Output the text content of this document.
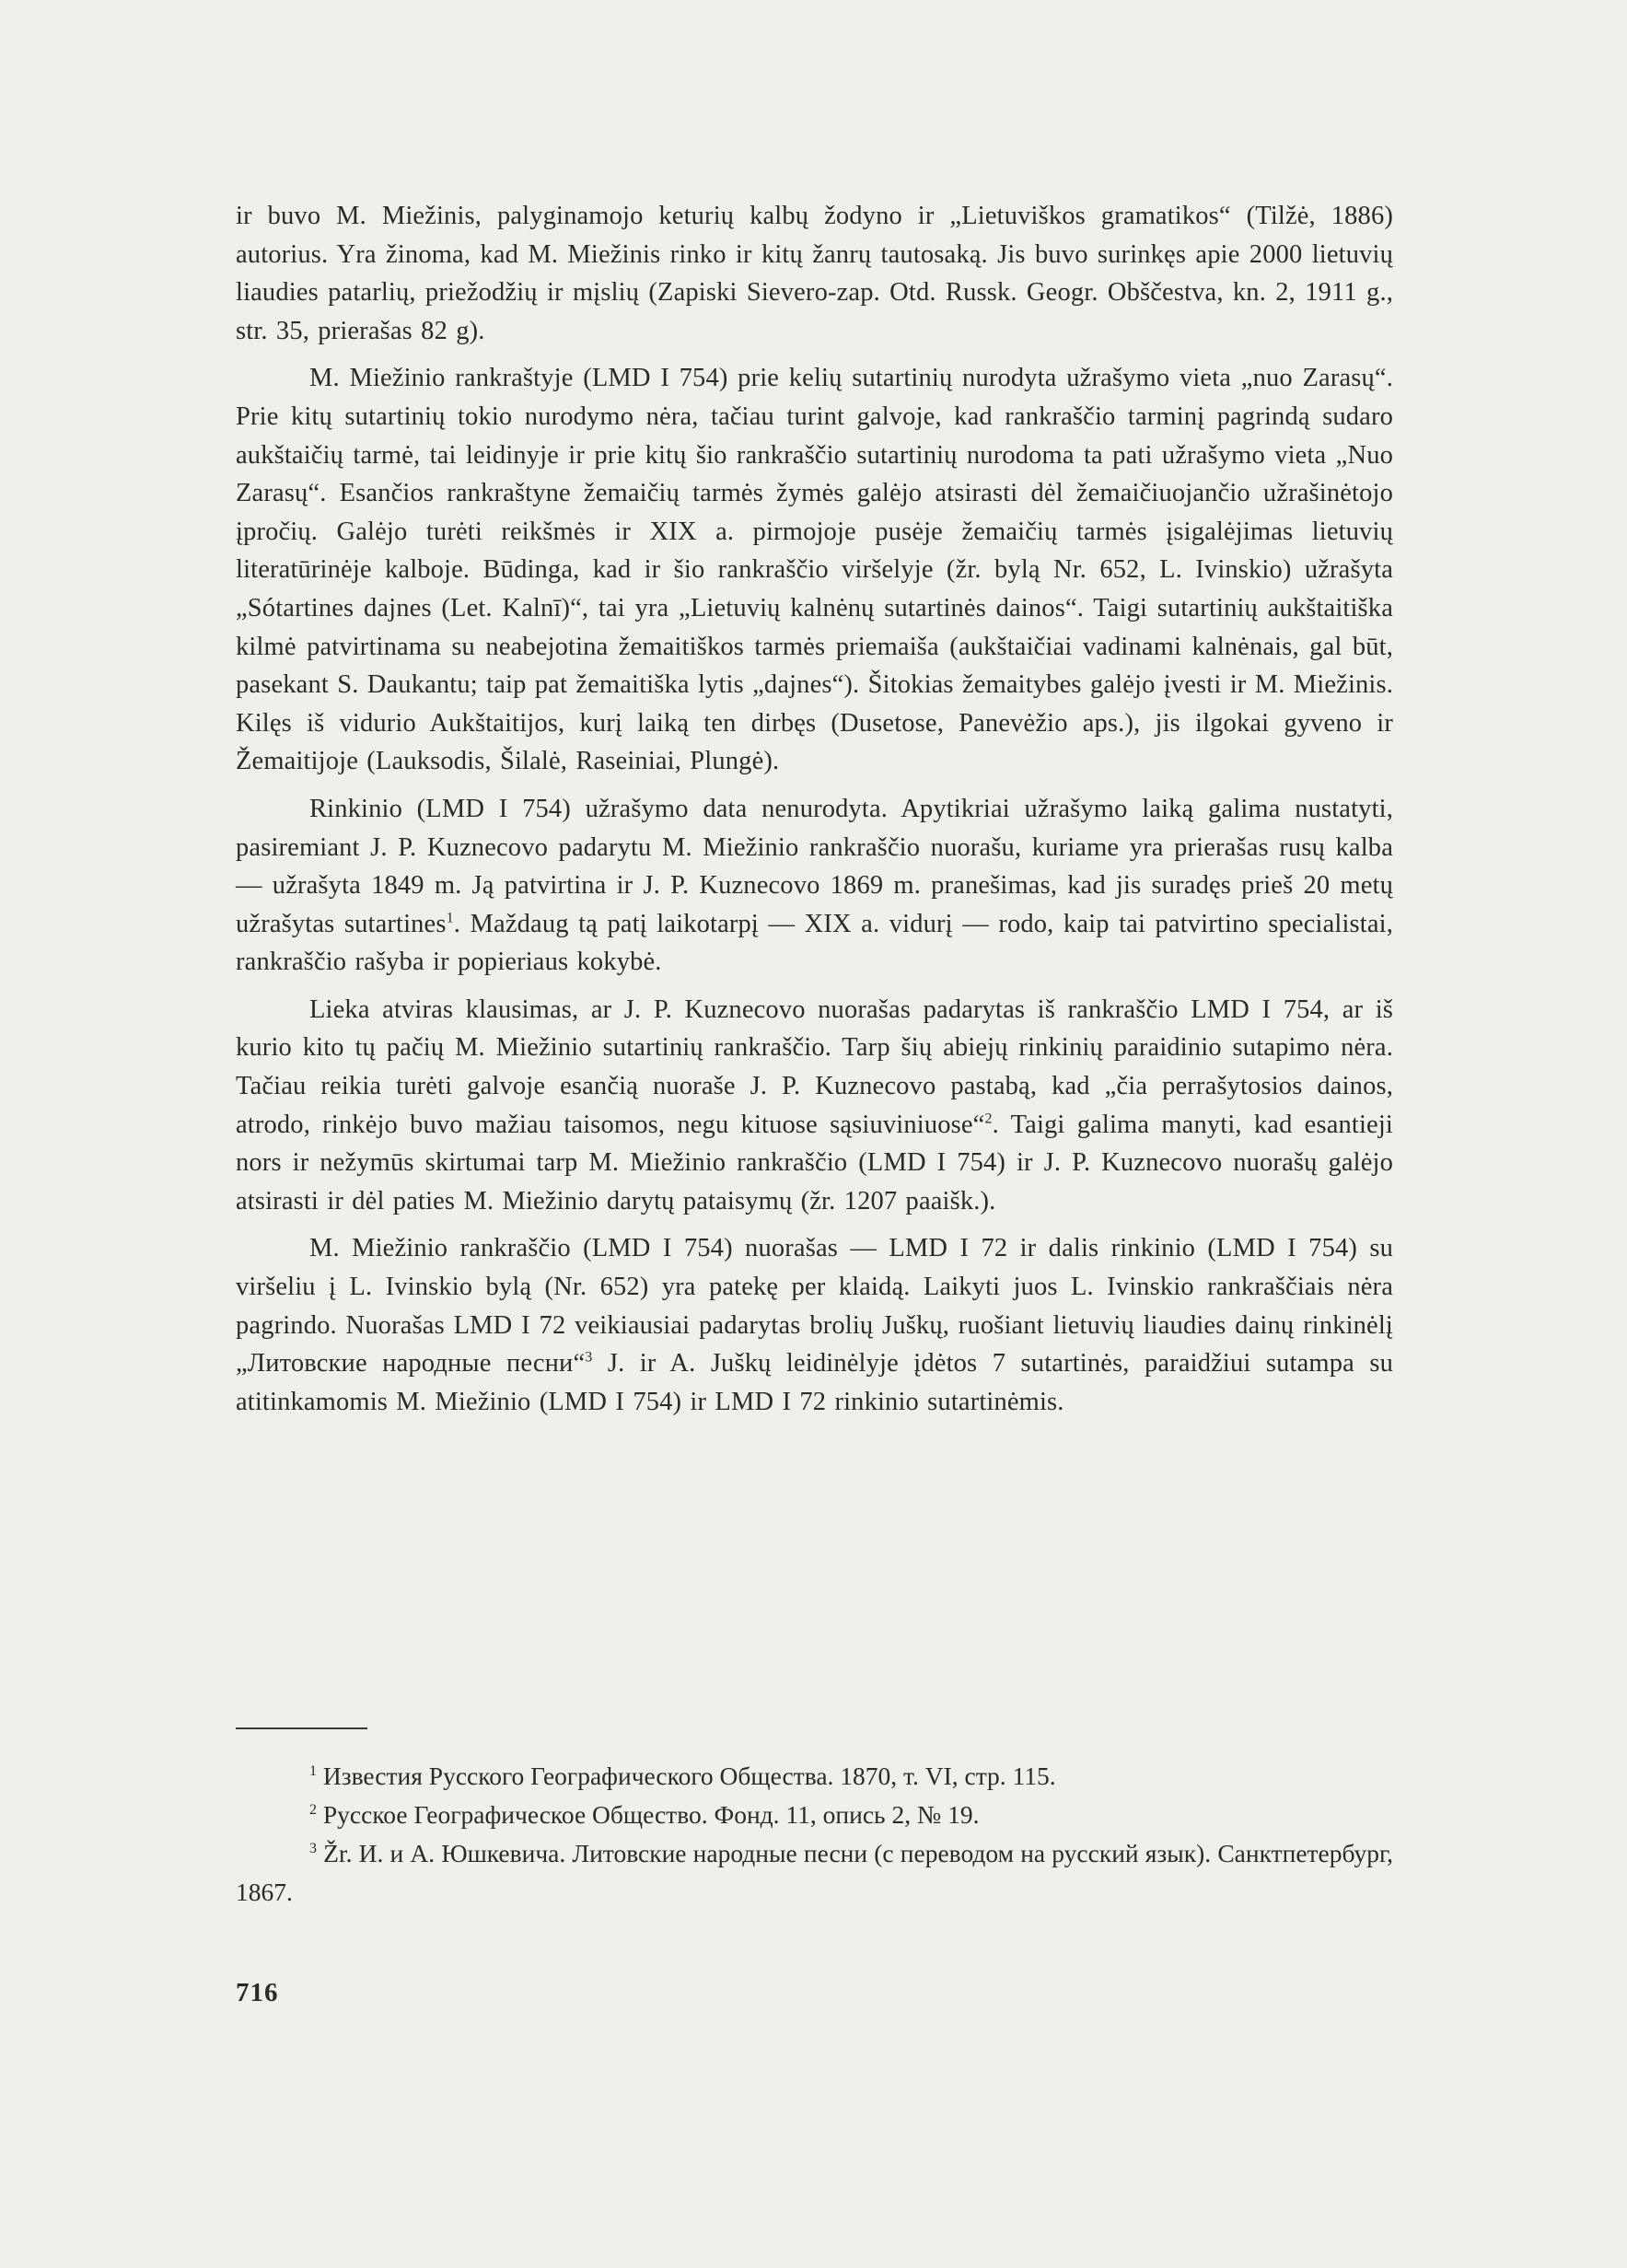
ir buvo M. Miežinis, palyginamojo keturių kalbų žodyno ir „Lietuviškos gramatikos“ (Tilžė, 1886) autorius. Yra žinoma, kad M. Miežinis rinko ir kitų žanrų tautosaką. Jis buvo surinkęs apie 2000 lietuvių liaudies patarlių, priežodžių ir mįslių (Zapiski Sievero-zap. Otd. Russk. Geogr. Obščestva, kn. 2, 1911 g., str. 35, prierašas 82 g).

M. Miežinio rankraštyje (LMD I 754) prie kelių sutartinių nurodyta užrašymo vieta „nuo Zarasų“. Prie kitų sutartinių tokio nurodymo nėra, tačiau turint galvoje, kad rankraščio tarminį pagrindą sudaro aukštaičių tarmė, tai leidinyje ir prie kitų šio rankraščio sutartinių nurodoma ta pati užrašymo vieta „Nuo Zarasų“. Esančios rankraštyne žemaičių tarmės žymės galėjo atsirasti dėl žemaičiuojančio užrašinėtojo įpročių. Galėjo turėti reikšmės ir XIX a. pirmojoje pusėje žemaičių tarmės įsigalėjimas lietuvių literatūrinėje kalboje. Būdinga, kad ir šio rankraščio viršelyje (žr. bylą Nr. 652, L. Ivinskio) užrašyta „Sótartines dajnes (Let. Kalnī)“, tai yra „Lietuvių kalnėnų sutartinės dainos“. Taigi sutartinių aukštaitiška kilmė patvirtinama su neabejotina žemaitiškos tarmės priemaiša (aukštaičiai vadinami kalnėnais, gal būt, pasekant S. Daukantu; taip pat žemaitiška lytis „dajnes“). Šitokias žemaitybes galėjo įvesti ir M. Miežinis. Kilęs iš vidurio Aukštaitijos, kurį laiką ten dirbęs (Dusetose, Panevėžio aps.), jis ilgokai gyveno ir Žemaitijoje (Lauksodis, Šilalė, Raseiniai, Plungė).

Rinkinio (LMD I 754) užrašymo data nenurodyta. Apytikriai užrašymo laiką galima nustatyti, pasiremiant J. P. Kuznecovo padarytu M. Miežinio rankraščio nuorašu, kuriame yra prierašas rusų kalba — užrašyta 1849 m. Ją patvirtina ir J. P. Kuznecovo 1869 m. pranešimas, kad jis suradęs prieš 20 metų užrašytas sutartines$^1$. Maždaug tą patį laikotarpį — XIX a. vidurį — rodo, kaip tai patvirtino specialistai, rankraščio rašyba ir popieriaus kokybė.

Lieka atviras klausimas, ar J. P. Kuznecovo nuorašas padarytas iš rankraščio LMD I 754, ar iš kurio kito tų pačių M. Miežinio sutartinių rankraščio. Tarp šių abiejų rinkinių paraidinio sutapimo nėra. Tačiau reikia turėti galvoje esančią nuoraše J. P. Kuznecovo pastabą, kad „čia perrašytosios dainos, atrodo, rinkėjo buvo mažiau taisomos, negu kituose sąsiuviniuose“$^2$. Taigi galima manyti, kad esantieji nors ir nežymūs skirtumai tarp M. Miežinio rankraščio (LMD I 754) ir J. P. Kuznecovo nuorašų galėjo atsirasti ir dėl paties M. Miežinio darytų pataisymų (žr. 1207 paaišk.).

M. Miežinio rankraščio (LMD I 754) nuorašas — LMD I 72 ir dalis rinkinio (LMD I 754) su viršeliu į L. Ivinskio bylą (Nr. 652) yra patekę per klaidą. Laikyti juos L. Ivinskio rankraščiais nėra pagrindo. Nuorašas LMD I 72 veikiausiai padarytas brolių Juškų, ruošiant lietuvių liaudies dainų rinkinėlį „Литовские народные песни“$^3$ J. ir A. Juškų leidinėlyje įdėtos 7 sutartinės, paraidžiui sutampa su atitinkamomis M. Miežinio (LMD I 754) ir LMD I 72 rinkinio sutartinėmis.

$^1$ Известия Русского Географического Общества. 1870, т. VI, стр. 115.

$^2$ Русское Географическое Общество. Фонд. 11, опись 2, № 19.

$^3$ Žr. И. и А. Юшкевича. Литовские народные песни (с переводом на русский язык). Санктпетербург, 1867.

716
